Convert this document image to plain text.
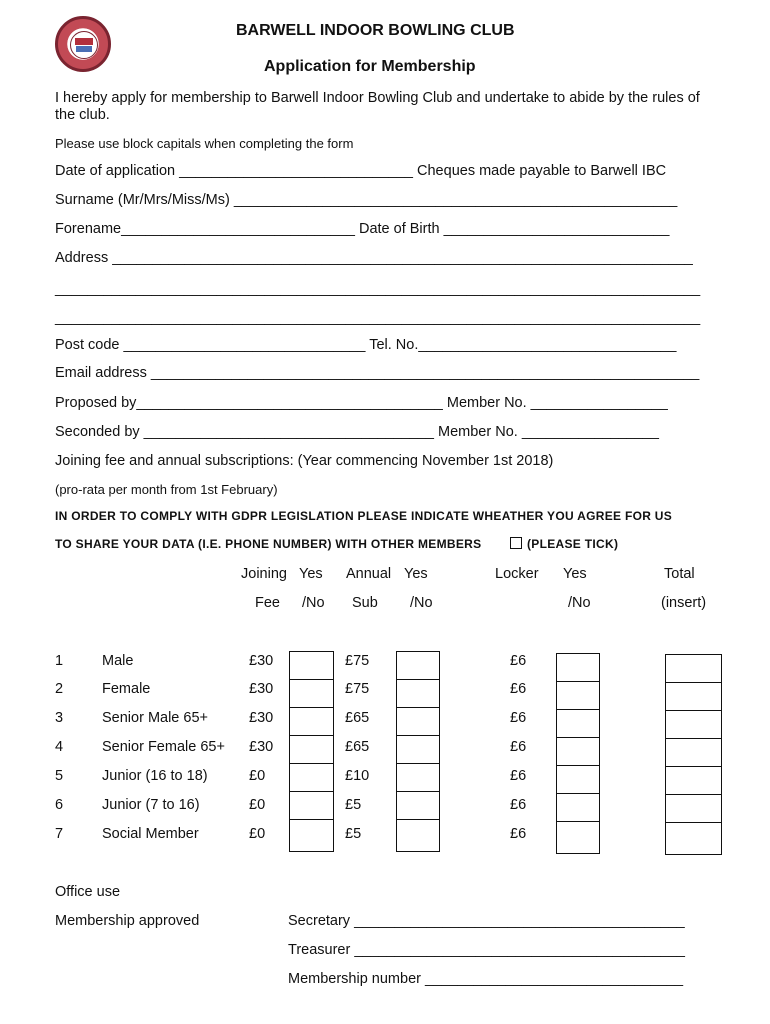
BARWELL INDOOR BOWLING CLUB
Application for Membership
I hereby apply for membership to Barwell Indoor Bowling Club and undertake to abide by the rules of the club.
Please use block capitals when completing the form
Date of application _____________________________ Cheques made payable to Barwell IBC
Surname (Mr/Mrs/Miss/Ms) _______________________________________________________
Forename_____________________________ Date of Birth ____________________________
Address ________________________________________________________________________
________________________________________________________________________________
________________________________________________________________________________
Post code ______________________________ Tel. No.________________________________
Email address ____________________________________________________________________
Proposed by______________________________________ Member No. _________________
Seconded by ____________________________________ Member No. _________________
Joining fee and annual subscriptions: (Year commencing November 1st 2018)
(pro-rata per month from 1st February)
IN ORDER TO COMPLY WITH GDPR LEGISLATION PLEASE INDICATE WHEATHER YOU AGREE FOR US
TO SHARE YOUR DATA (I.E. PHONE NUMBER) WITH OTHER MEMBERS	(PLEASE TICK)
Joining Yes Annual Yes	Locker Yes	Total
Fee /No Sub /No	/No	(insert)
1	Male	£30	£75	£6
2	Female	£30	£75	£6
3	Senior Male 65+	£30	£65	£6
4	Senior Female 65+ £30	£65	£6
5	Junior (16 to 18)	£0	£10	£6
6	Junior (7 to 16)	£0	£5	£6
7	Social Member	£0	£5	£6
Office use
Membership approved	Secretary _________________________________________
Treasurer _________________________________________
Membership number ________________________________
